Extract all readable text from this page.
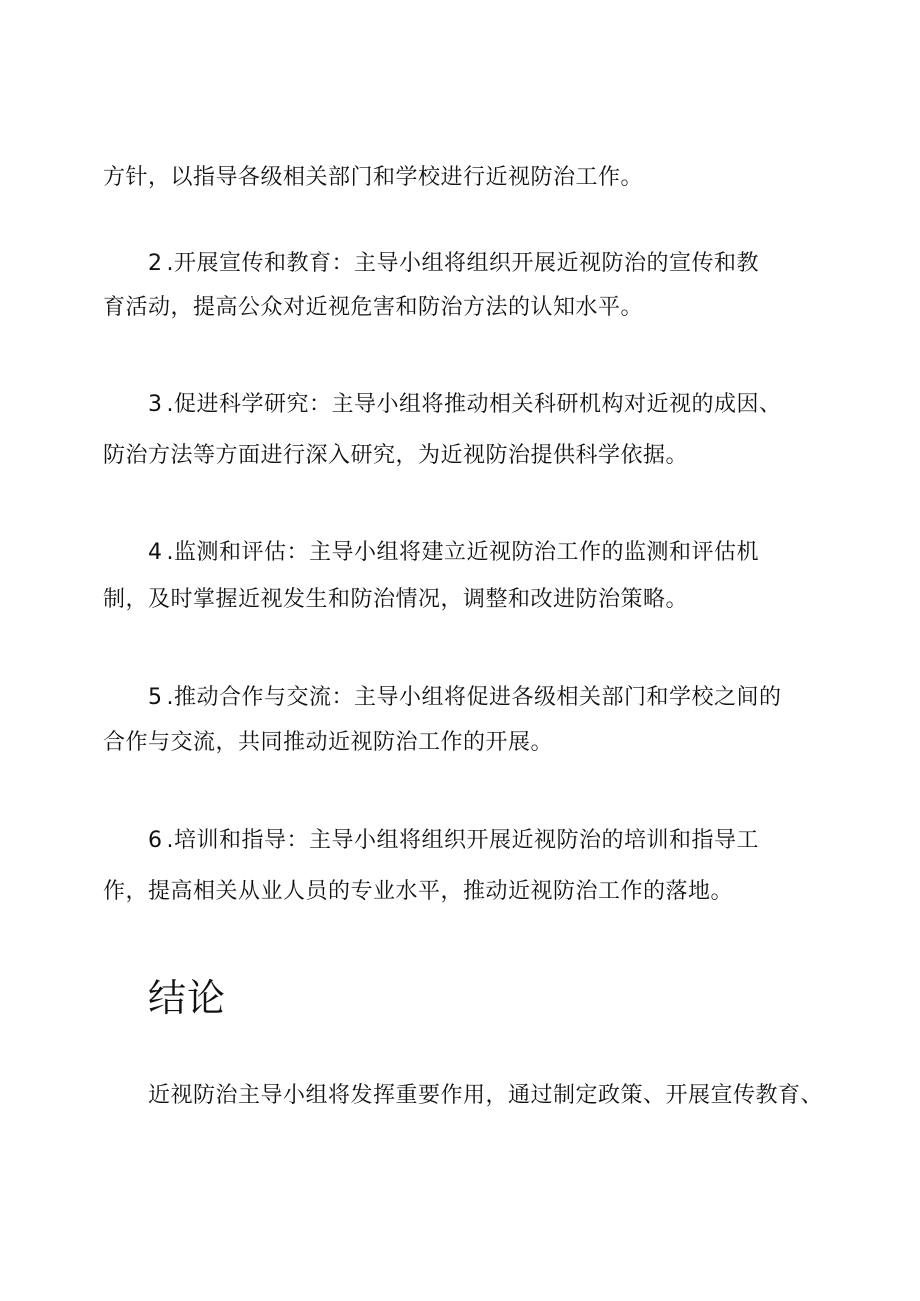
方针，以指导各级相关部门和学校进行近视防治工作。
2 .开展宣传和教育：主导小组将组织开展近视防治的宣传和教
育活动，提高公众对近视危害和防治方法的认知水平。
3 .促进科学研究：主导小组将推动相关科研机构对近视的成因、
防治方法等方面进行深入研究，为近视防治提供科学依据。
4 .监测和评估：主导小组将建立近视防治工作的监测和评估机
制，及时掌握近视发生和防治情况，调整和改进防治策略。
5 .推动合作与交流：主导小组将促进各级相关部门和学校之间的
合作与交流，共同推动近视防治工作的开展。
6 .培训和指导：主导小组将组织开展近视防治的培训和指导工
作，提高相关从业人员的专业水平，推动近视防治工作的落地。
结论
近视防治主导小组将发挥重要作用，通过制定政策、开展宣传教育、
